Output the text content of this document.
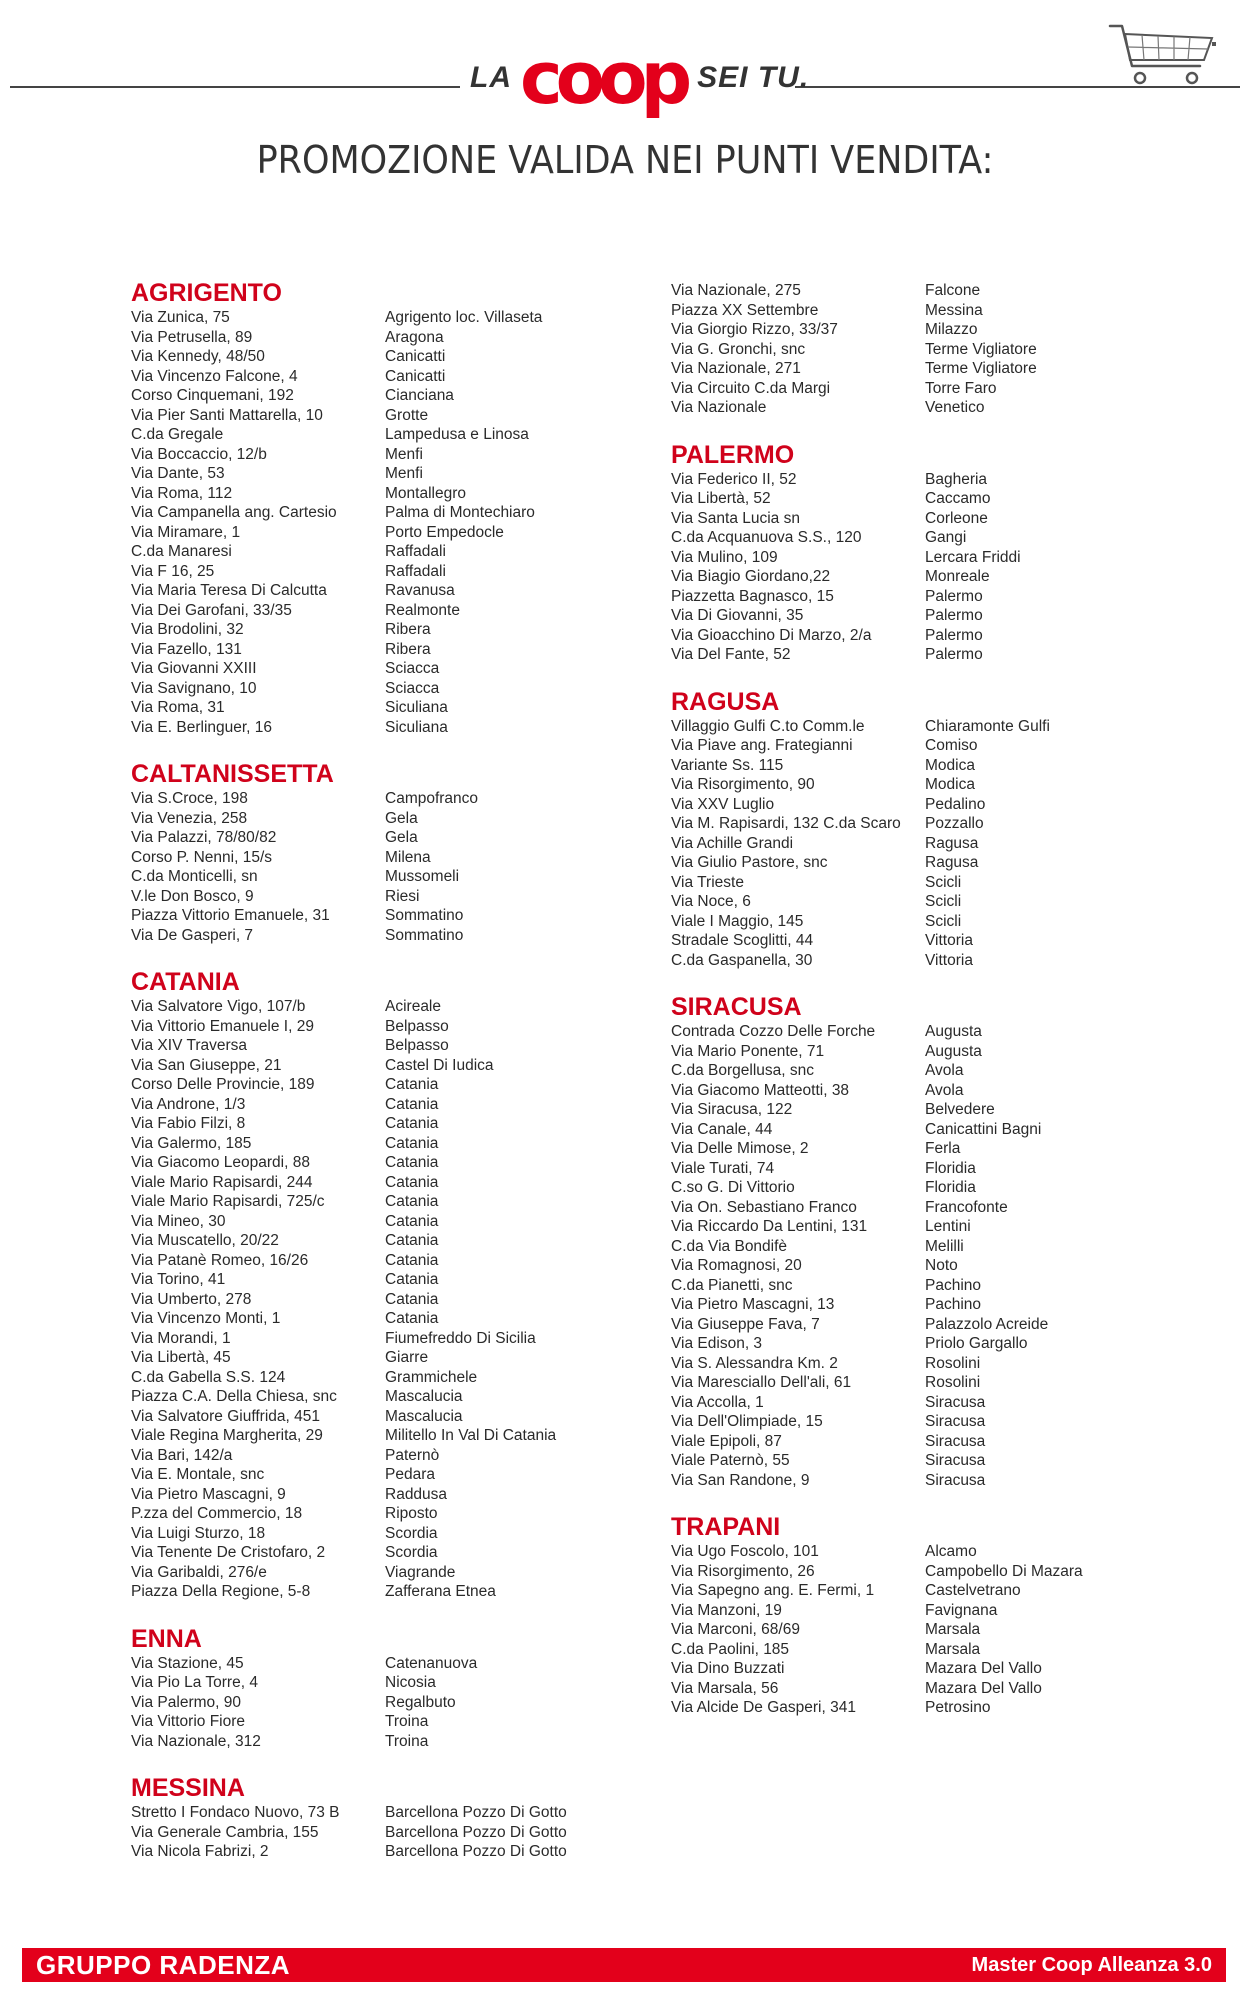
LA coop SEI TU.
PROMOZIONE VALIDA NEI PUNTI VENDITA:
AGRIGENTO
Via Zunica, 75	Agrigento loc. Villaseta
Via Petrusella, 89	Aragona
Via Kennedy, 48/50	Canicatti
Via Vincenzo Falcone, 4	Canicatti
Corso Cinquemani, 192	Cianciana
Via Pier Santi Mattarella, 10	Grotte
C.da Gregale	Lampedusa e Linosa
Via Boccaccio, 12/b	Menfi
Via Dante, 53	Menfi
Via Roma, 112	Montallegro
Via Campanella ang. Cartesio	Palma di Montechiaro
Via Miramare, 1	Porto Empedocle
C.da Manaresi	Raffadali
Via F 16, 25	Raffadali
Via Maria Teresa Di Calcutta	Ravanusa
Via Dei Garofani, 33/35	Realmonte
Via Brodolini, 32	Ribera
Via Fazello, 131	Ribera
Via Giovanni XXIII	Sciacca
Via Savignano, 10	Sciacca
Via Roma, 31	Siculiana
Via E. Berlinguer, 16	Siculiana
CALTANISSETTA
Via S.Croce, 198	Campofranco
Via Venezia, 258	Gela
Via Palazzi, 78/80/82	Gela
Corso P. Nenni, 15/s	Milena
C.da Monticelli, sn	Mussomeli
V.le Don Bosco, 9	Riesi
Piazza Vittorio Emanuele, 31	Sommatino
Via De Gasperi, 7	Sommatino
CATANIA
Via Salvatore Vigo, 107/b	Acireale
Via Vittorio Emanuele I, 29	Belpasso
Via XIV Traversa	Belpasso
Via San Giuseppe, 21	Castel Di Iudica
Corso Delle Provincie, 189	Catania
Via Androne, 1/3	Catania
Via Fabio Filzi, 8	Catania
Via Galermo, 185	Catania
Via Giacomo Leopardi, 88	Catania
Viale Mario Rapisardi, 244	Catania
Viale Mario Rapisardi, 725/c	Catania
Via Mineo, 30	Catania
Via Muscatello, 20/22	Catania
Via Patanè Romeo, 16/26	Catania
Via Torino, 41	Catania
Via Umberto, 278	Catania
Via Vincenzo Monti, 1	Catania
Via Morandi, 1	Fiumefreddo Di Sicilia
Via Libertà, 45	Giarre
C.da Gabella S.S. 124	Grammichele
Piazza C.A. Della Chiesa, snc	Mascalucia
Via Salvatore Giuffrida, 451	Mascalucia
Viale Regina Margherita, 29	Militello In Val Di Catania
Via Bari, 142/a	Paternò
Via E. Montale, snc	Pedara
Via Pietro Mascagni, 9	Raddusa
P.zza del Commercio, 18	Riposto
Via Luigi Sturzo, 18	Scordia
Via Tenente De Cristofaro, 2	Scordia
Via Garibaldi, 276/e	Viagrande
Piazza Della Regione, 5-8	Zafferana Etnea
ENNA
Via Stazione, 45	Catenanuova
Via Pio La Torre, 4	Nicosia
Via Palermo, 90	Regalbuto
Via Vittorio Fiore	Troina
Via Nazionale, 312	Troina
MESSINA
Stretto I Fondaco Nuovo, 73 B	Barcellona Pozzo Di Gotto
Via Generale Cambria, 155	Barcellona Pozzo Di Gotto
Via Nicola Fabrizi, 2	Barcellona Pozzo Di Gotto
Via Nazionale, 275	Falcone
Piazza XX Settembre	Messina
Via Giorgio Rizzo, 33/37	Milazzo
Via G. Gronchi, snc	Terme Vigliatore
Via Nazionale, 271	Terme Vigliatore
Via Circuito C.da Margi	Torre Faro
Via Nazionale	Venetico
PALERMO
Via Federico II, 52	Bagheria
Via Libertà, 52	Caccamo
Via Santa Lucia sn	Corleone
C.da Acquanuova S.S., 120	Gangi
Via Mulino, 109	Lercara Friddi
Via Biagio Giordano,22	Monreale
Piazzetta Bagnasco, 15	Palermo
Via Di Giovanni, 35	Palermo
Via Gioacchino Di Marzo, 2/a	Palermo
Via Del Fante, 52	Palermo
RAGUSA
Villaggio Gulfi C.to Comm.le	Chiaramonte Gulfi
Via Piave ang. Frategianni	Comiso
Variante Ss. 115	Modica
Via Risorgimento, 90	Modica
Via XXV Luglio	Pedalino
Via M. Rapisardi, 132 C.da Scaro	Pozzallo
Via Achille Grandi	Ragusa
Via Giulio Pastore, snc	Ragusa
Via Trieste	Scicli
Via Noce, 6	Scicli
Viale I Maggio, 145	Scicli
Stradale Scoglitti, 44	Vittoria
C.da Gaspanella, 30	Vittoria
SIRACUSA
Contrada Cozzo Delle Forche	Augusta
Via Mario Ponente, 71	Augusta
C.da Borgellusa, snc	Avola
Via Giacomo Matteotti, 38	Avola
Via Siracusa, 122	Belvedere
Via Canale, 44	Canicattini Bagni
Via Delle Mimose, 2	Ferla
Viale Turati, 74	Floridia
C.so G. Di Vittorio	Floridia
Via On. Sebastiano Franco	Francofonte
Via Riccardo Da Lentini, 131	Lentini
C.da Via Bondifè	Melilli
Via Romagnosi, 20	Noto
C.da Pianetti, snc	Pachino
Via Pietro Mascagni, 13	Pachino
Via Giuseppe Fava, 7	Palazzolo Acreide
Via Edison, 3	Priolo Gargallo
Via S. Alessandra Km. 2	Rosolini
Via Maresciallo Dell'ali, 61	Rosolini
Via Accolla, 1	Siracusa
Via Dell'Olimpiade, 15	Siracusa
Viale Epipoli, 87	Siracusa
Viale Paternò, 55	Siracusa
Via San Randone, 9	Siracusa
TRAPANI
Via Ugo Foscolo, 101	Alcamo
Via Risorgimento, 26	Campobello Di Mazara
Via Sapegno ang. E. Fermi, 1	Castelvetrano
Via Manzoni, 19	Favignana
Via Marconi, 68/69	Marsala
C.da Paolini, 185	Marsala
Via Dino Buzzati	Mazara Del Vallo
Via Marsala, 56	Mazara Del Vallo
Via Alcide De Gasperi, 341	Petrosino
GRUPPO RADENZA	Master Coop Alleanza 3.0
